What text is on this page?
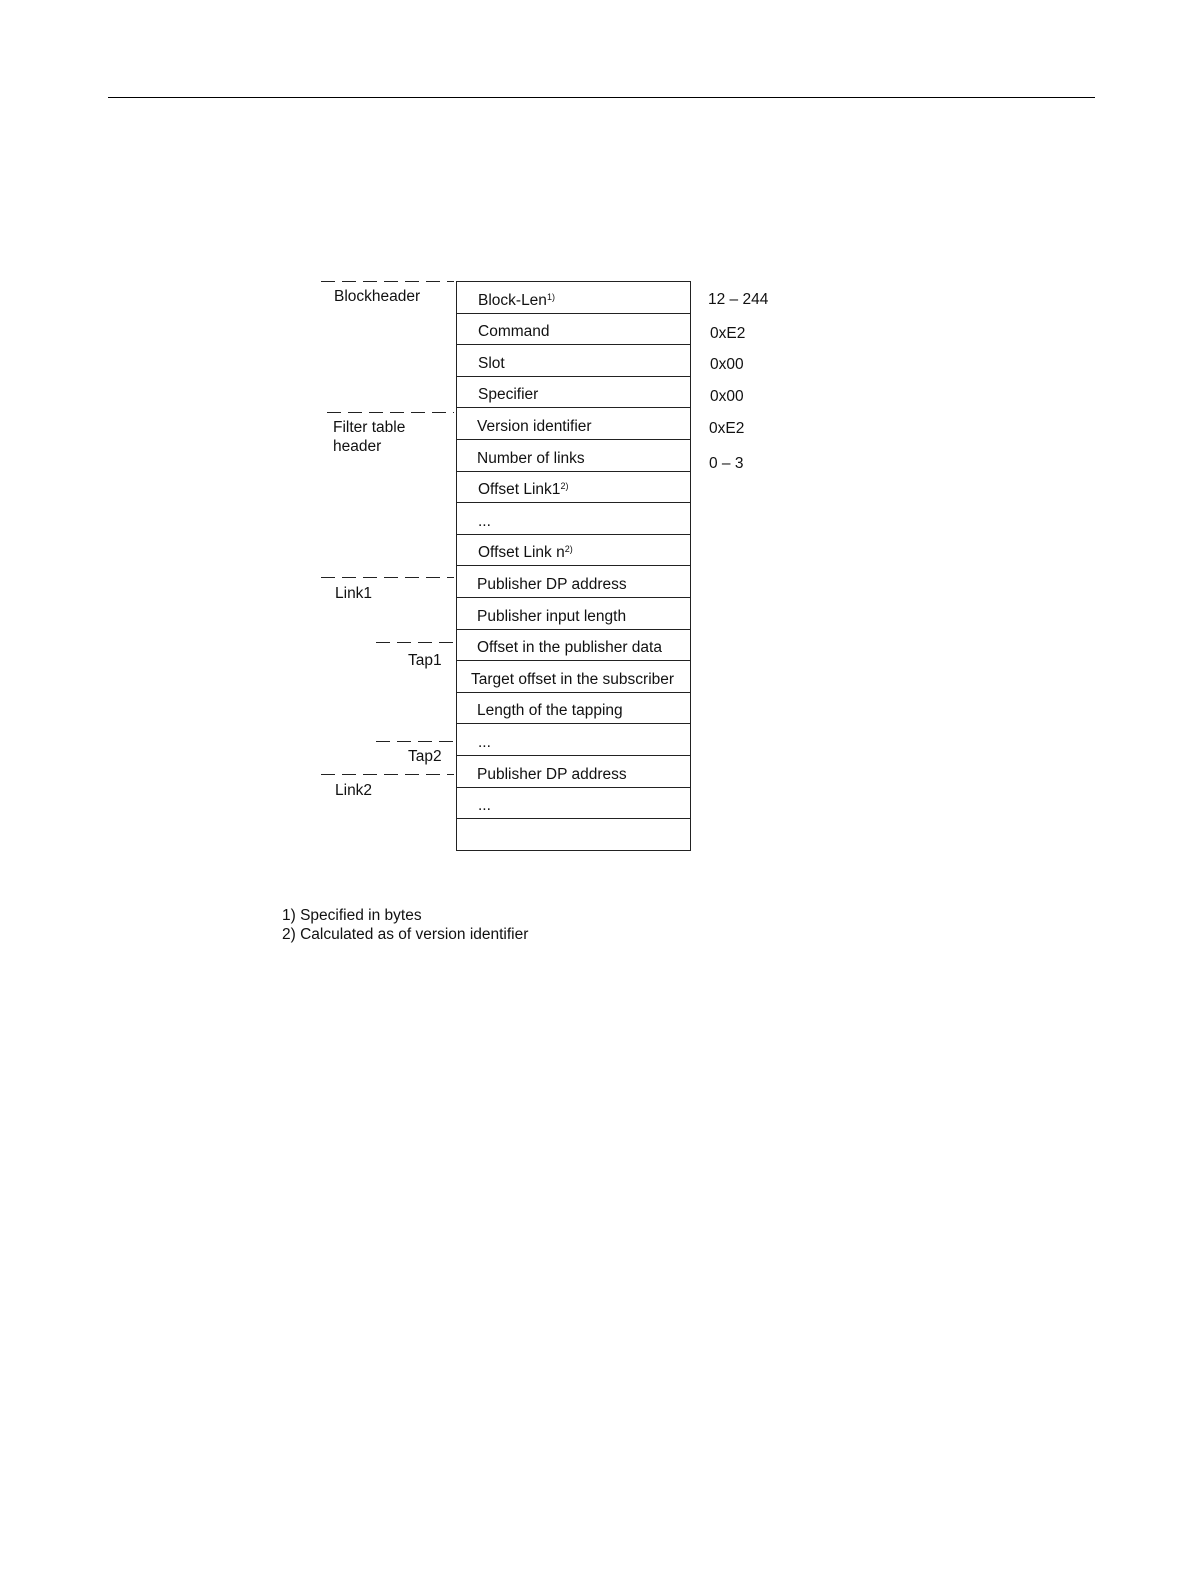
Blockheader
Filter table
header
Link1
Tap1
Tap2
Link2
Block-Len$^{1)}$
Command
Slot
Specifier
Version identifier
Number of links
Offset Link1$^{2)}$
...
Offset Link $n^{2)}$
Publisher DP address
Publisher input length
Offset in the publisher data
Target offset in the subscriber
Length of the tapping
...
Publisher DP address
...
12 – 244
0xE2
0x00
0x00
0xE2
0 – 3
1) Specified in bytes
2) Calculated as of version identifier
